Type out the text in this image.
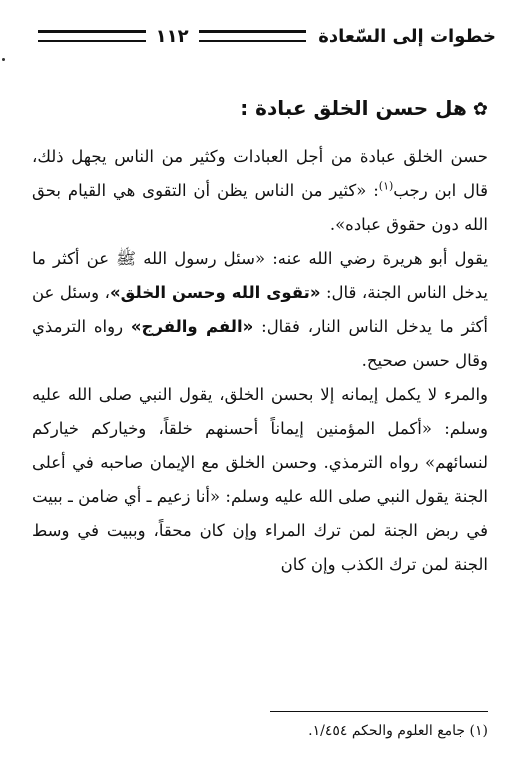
خطوات إلى السّعادة
١١٢
✿هل حسن الخلق عبادة :

حسن الخلق عبادة من أجل العبادات وكثير من الناس يجهل ذلك، قال ابن رجب$^{(١)}$: «كثير من الناس يظن أن التقوى هي القيام بحق الله دون حقوق عباده».

يقول أبو هريرة رضي الله عنه: «سئل رسول الله ﷺ عن أكثر ما يدخل الناس الجنة، قال: «تقوى الله وحسن الخلق»، وسئل عن أكثر ما يدخل الناس النار، فقال: «الفم والفرج» رواه الترمذي وقال حسن صحيح.

والمرء لا يكمل إيمانه إلا بحسن الخلق، يقول النبي صلى الله عليه وسلم: «أكمل المؤمنين إيماناً أحسنهم خلقاً، وخياركم خياركم لنسائهم» رواه الترمذي. وحسن الخلق مع الإيمان صاحبه في أعلى الجنة يقول النبي صلى الله عليه وسلم: «أنا زعيم ـ أي ضامن ـ ببيت في ربض الجنة لمن ترك المراء وإن كان محقاً، وببيت في وسط الجنة لمن ترك الكذب وإن كان

(١) جامع العلوم والحكم ١/٤٥٤.
